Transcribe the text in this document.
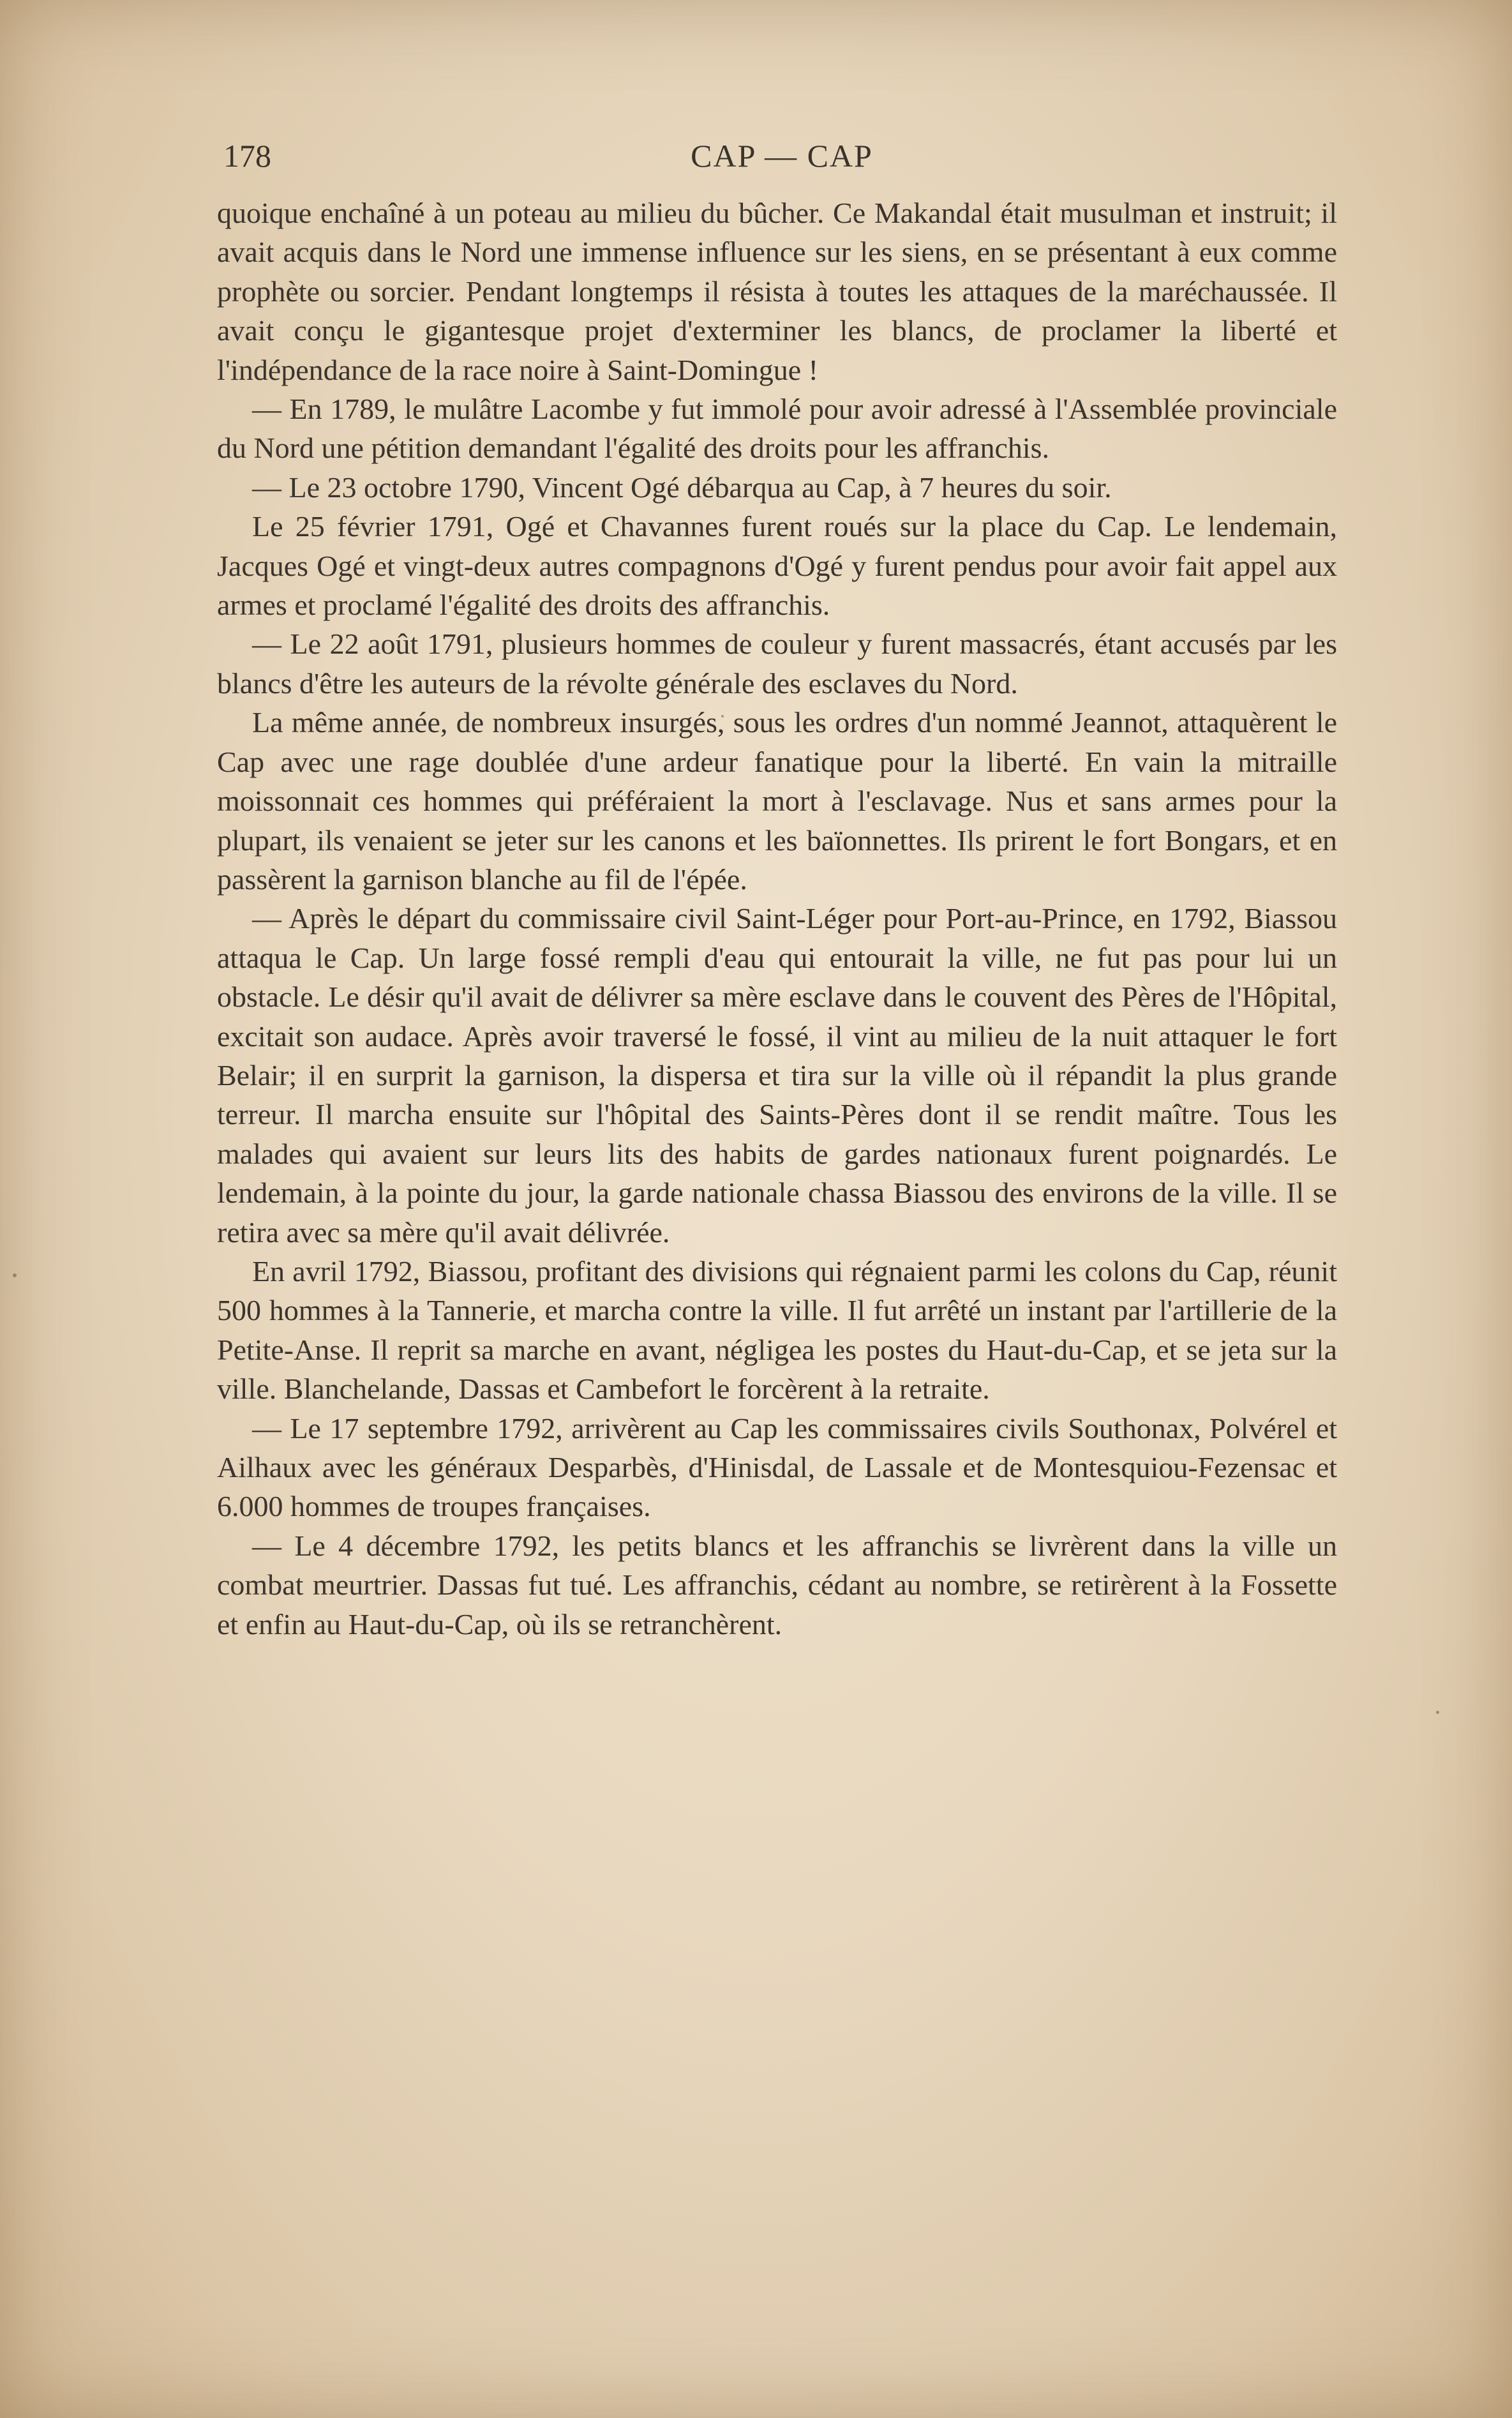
178	CAP — CAP

quoique enchaîné à un poteau au milieu du bûcher. Ce Makandal était musulman et instruit; il avait acquis dans le Nord une immense influence sur les siens, en se présentant à eux comme prophète ou sorcier. Pendant longtemps il résista à toutes les attaques de la maréchaussée. Il avait conçu le gigantesque projet d'exterminer les blancs, de proclamer la liberté et l'indépendance de la race noire à Saint-Domingue !

— En 1789, le mulâtre Lacombe y fut immolé pour avoir adressé à l'Assemblée provinciale du Nord une pétition demandant l'égalité des droits pour les affranchis.

— Le 23 octobre 1790, Vincent Ogé débarqua au Cap, à 7 heures du soir.

Le 25 février 1791, Ogé et Chavannes furent roués sur la place du Cap. Le lendemain, Jacques Ogé et vingt-deux autres compagnons d'Ogé y furent pendus pour avoir fait appel aux armes et proclamé l'égalité des droits des affranchis.

— Le 22 août 1791, plusieurs hommes de couleur y furent massacrés, étant accusés par les blancs d'être les auteurs de la révolte générale des esclaves du Nord.

La même année, de nombreux insurgés, sous les ordres d'un nommé Jeannot, attaquèrent le Cap avec une rage doublée d'une ardeur fanatique pour la liberté. En vain la mitraille moissonnait ces hommes qui préféraient la mort à l'esclavage. Nus et sans armes pour la plupart, ils venaient se jeter sur les canons et les baïonnettes. Ils prirent le fort Bongars, et en passèrent la garnison blanche au fil de l'épée.

— Après le départ du commissaire civil Saint-Léger pour Port-au-Prince, en 1792, Biassou attaqua le Cap. Un large fossé rempli d'eau qui entourait la ville, ne fut pas pour lui un obstacle. Le désir qu'il avait de délivrer sa mère esclave dans le couvent des Pères de l'Hôpital, excitait son audace. Après avoir traversé le fossé, il vint au milieu de la nuit attaquer le fort Belair; il en surprit la garnison, la dispersa et tira sur la ville où il répandit la plus grande terreur. Il marcha ensuite sur l'hôpital des Saints-Pères dont il se rendit maître. Tous les malades qui avaient sur leurs lits des habits de gardes nationaux furent poignardés. Le lendemain, à la pointe du jour, la garde nationale chassa Biassou des environs de la ville. Il se retira avec sa mère qu'il avait délivrée.

En avril 1792, Biassou, profitant des divisions qui régnaient parmi les colons du Cap, réunit 500 hommes à la Tannerie, et marcha contre la ville. Il fut arrêté un instant par l'artillerie de la Petite-Anse. Il reprit sa marche en avant, négligea les postes du Haut-du-Cap, et se jeta sur la ville. Blanchelande, Dassas et Cambefort le forcèrent à la retraite.

— Le 17 septembre 1792, arrivèrent au Cap les commissaires civils Southonax, Polvérel et Ailhaux avec les généraux Desparbès, d'Hinisdal, de Lassale et de Montesquiou-Fezensac et 6.000 hommes de troupes françaises.

— Le 4 décembre 1792, les petits blancs et les affranchis se livrèrent dans la ville un combat meurtrier. Dassas fut tué. Les affranchis, cédant au nombre, se retirèrent à la Fossette et enfin au Haut-du-Cap, où ils se retranchèrent.
